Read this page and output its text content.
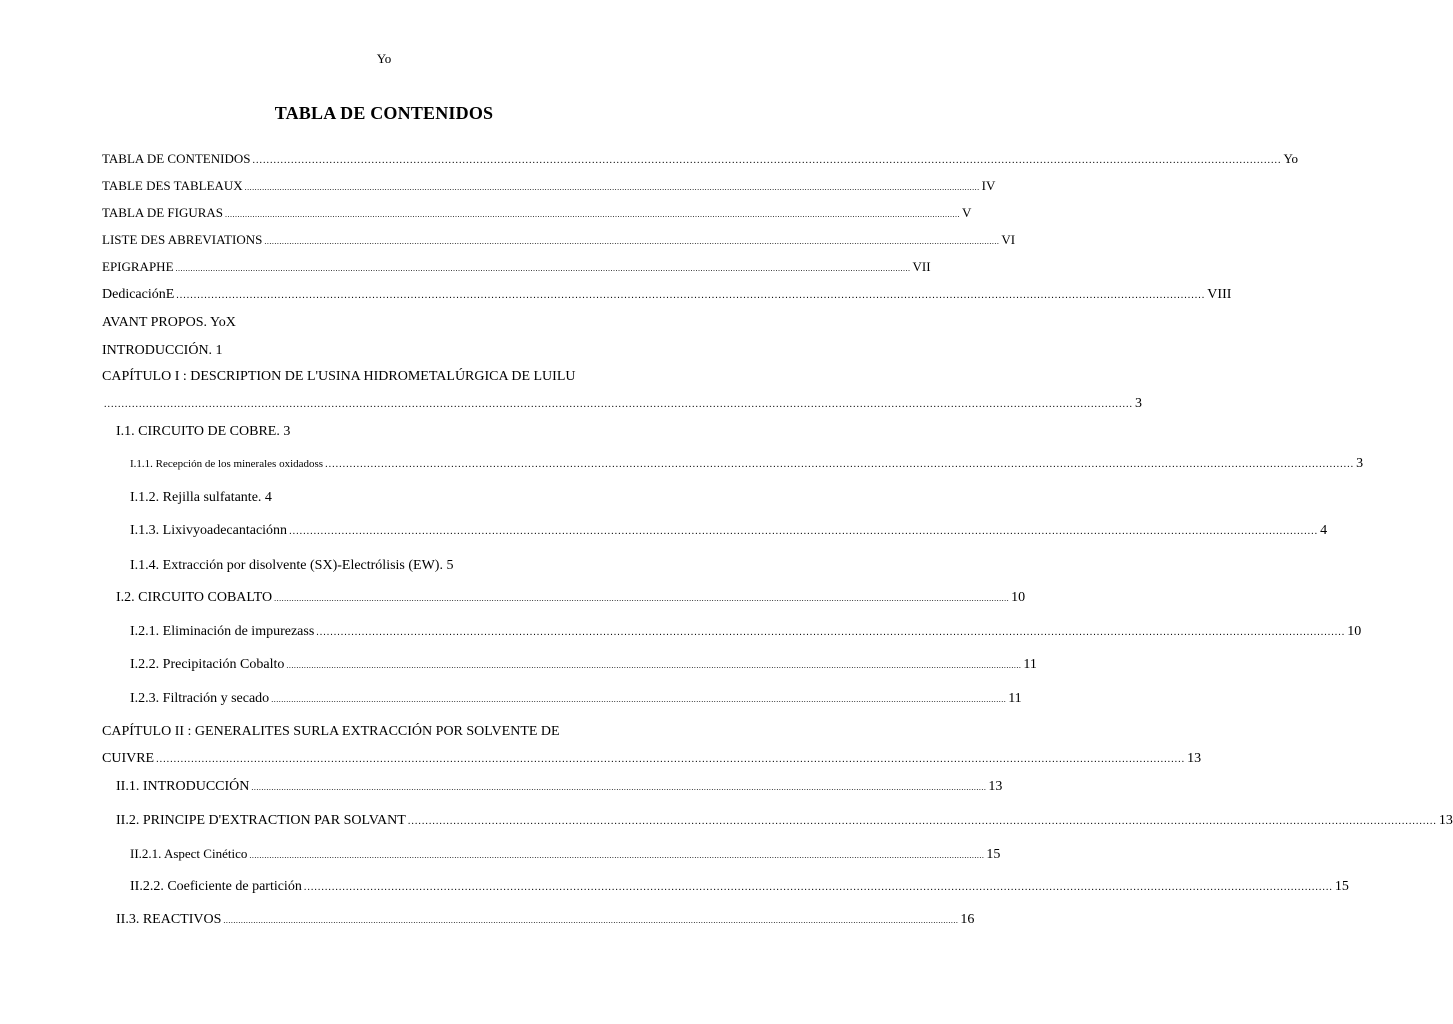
Yo
TABLA DE CONTENIDOS
TABLA DE CONTENIDOS ...................................................................................................................................................................................................................................................................................................... Yo
TABLE DES TABLEAUX ...................................................................................................................................................................................................................................................................................................... IV
TABLA DE FIGURAS ...................................................................................................................................................................................................................................................................................................... V
LISTE DES ABREVIATIONS ...................................................................................................................................................................................................................................................................................................... VI
EPIGRAPHE ...................................................................................................................................................................................................................................................................................................... VII
DedicaciónE ...................................................................................................................................................................................................................................................................................................... VIII
AVANT PROPOS. YoX
INTRODUCCIÓN. 1
CAPÍTULO I : DESCRIPTION DE L'USINA HIDROMETALÚRGICA DE LUILU
...................................................................................................................................................................................................................................................................................................... 3
I.1. CIRCUITO DE COBRE. 3
I.1.1. Recepción de los minerales oxidadoss ...................................................................................................................................................................................................................................................................................................... 3
I.1.2. Rejilla sulfatante. 4
I.1.3. Lixivyoadecantaciónn ...................................................................................................................................................................................................................................................................................................... 4
I.1.4. Extracción por disolvente (SX)-Electrólisis (EW). 5
I.2. CIRCUITO COBALTO ...................................................................................................................................................................................................................................................................................................... 10
I.2.1. Eliminación de impurezass ...................................................................................................................................................................................................................................................................................................... 10
I.2.2. Precipitación Cobalto ...................................................................................................................................................................................................................................................................................................... 11
I.2.3. Filtración y secado ...................................................................................................................................................................................................................................................................................................... 11
CAPÍTULO II : GENERALITES SURLA EXTRACCIÓN POR SOLVENTE DE
CUIVRE ...................................................................................................................................................................................................................................................................................................... 13
II.1. INTRODUCCIÓN ...................................................................................................................................................................................................................................................................................................... 13
II.2. PRINCIPE D'EXTRACTION PAR SOLVANT ...................................................................................................................................................................................................................................................................................................... 13
II.2.1. Aspect Cinético ...................................................................................................................................................................................................................................................................................................... 15
II.2.2. Coeficiente de partición ...................................................................................................................................................................................................................................................................................................... 15
II.3. REACTIVOS ...................................................................................................................................................................................................................................................................................................... 16
